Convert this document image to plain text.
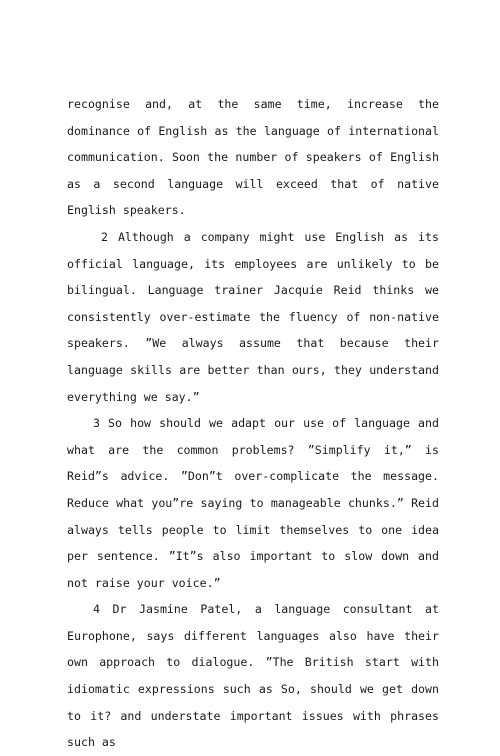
recognise and, at the same time, increase the dominance of English as the language of international communication. Soon the number of speakers of English as a second language will exceed that of native English speakers.

2 Although a company might use English as its official language, its employees are unlikely to be bilingual. Language trainer Jacquie Reid thinks we consistently over-estimate the fluency of non-native speakers. ”We always assume that because their language skills are better than ours, they understand everything we say.”

3 So how should we adapt our use of language and what are the common problems? ”Simplify it,” is Reid”s advice. ”Don”t over-complicate the message. Reduce what you”re saying to manageable chunks.” Reid always tells people to limit themselves to one idea per sentence. ”It”s also important to slow down and not raise your voice.”

4 Dr Jasmine Patel, a language consultant at Europhone, says different languages also have their own approach to dialogue. ”The British start with idiomatic expressions such as So, should we get down to it? and understate important issues with phrases such as
